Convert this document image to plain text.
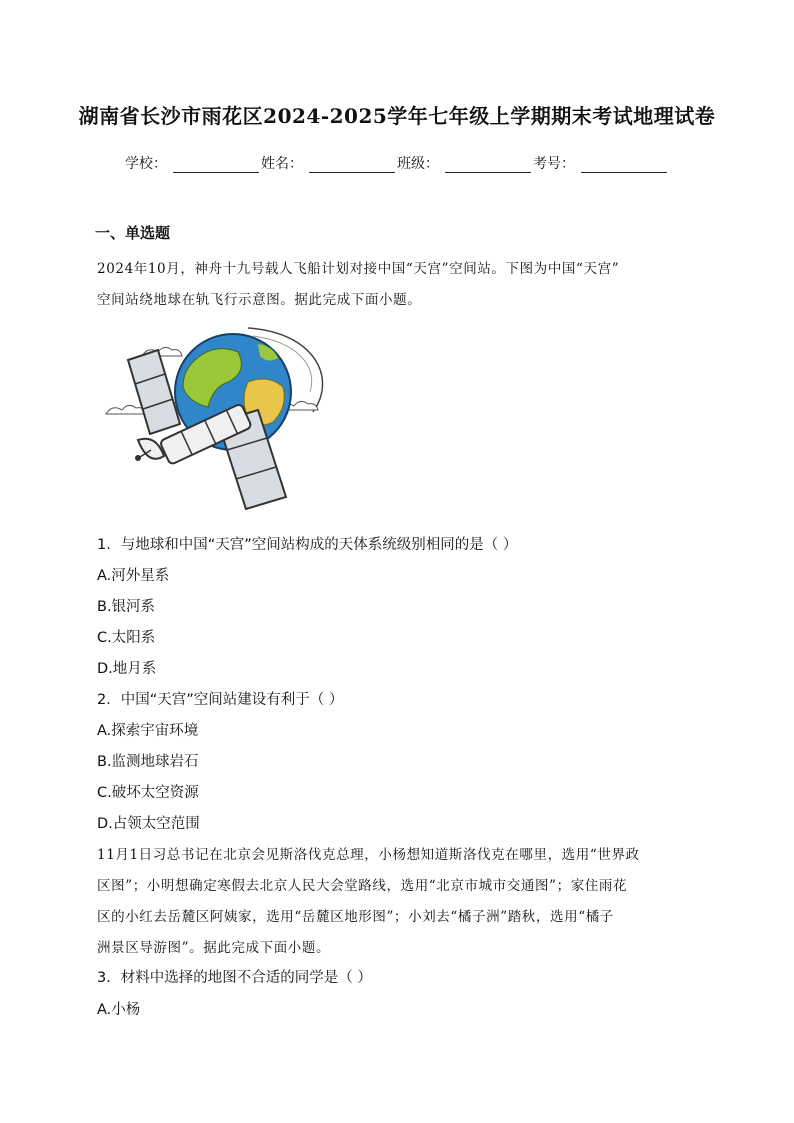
湖南省长沙市雨花区2024-2025学年七年级上学期期末考试地理试卷
学校：	姓名：	班级：	考号：
一、单选题
2024年10月，神舟十九号载人飞船计划对接中国“天宫”空间站。下图为中国“天宫”
空间站绕地球在轨飞行示意图。据此完成下面小题。
1．与地球和中国“天宫”空间站构成的天体系统级别相同的是（ ）
A.河外星系
B.银河系
C.太阳系
D.地月系
2．中国“天宫”空间站建设有利于（ ）
A.探索宇宙环境
B.监测地球岩石
C.破坏太空资源
D.占领太空范围
11月1日习总书记在北京会见斯洛伐克总理，小杨想知道斯洛伐克在哪里，选用“世界政
区图”；小明想确定寒假去北京人民大会堂路线，选用“北京市城市交通图”；家住雨花
区的小红去岳麓区阿姨家，选用“岳麓区地形图”；小刘去“橘子洲”踏秋，选用“橘子
洲景区导游图”。据此完成下面小题。
3．材料中选择的地图不合适的同学是（ ）
A.小杨
